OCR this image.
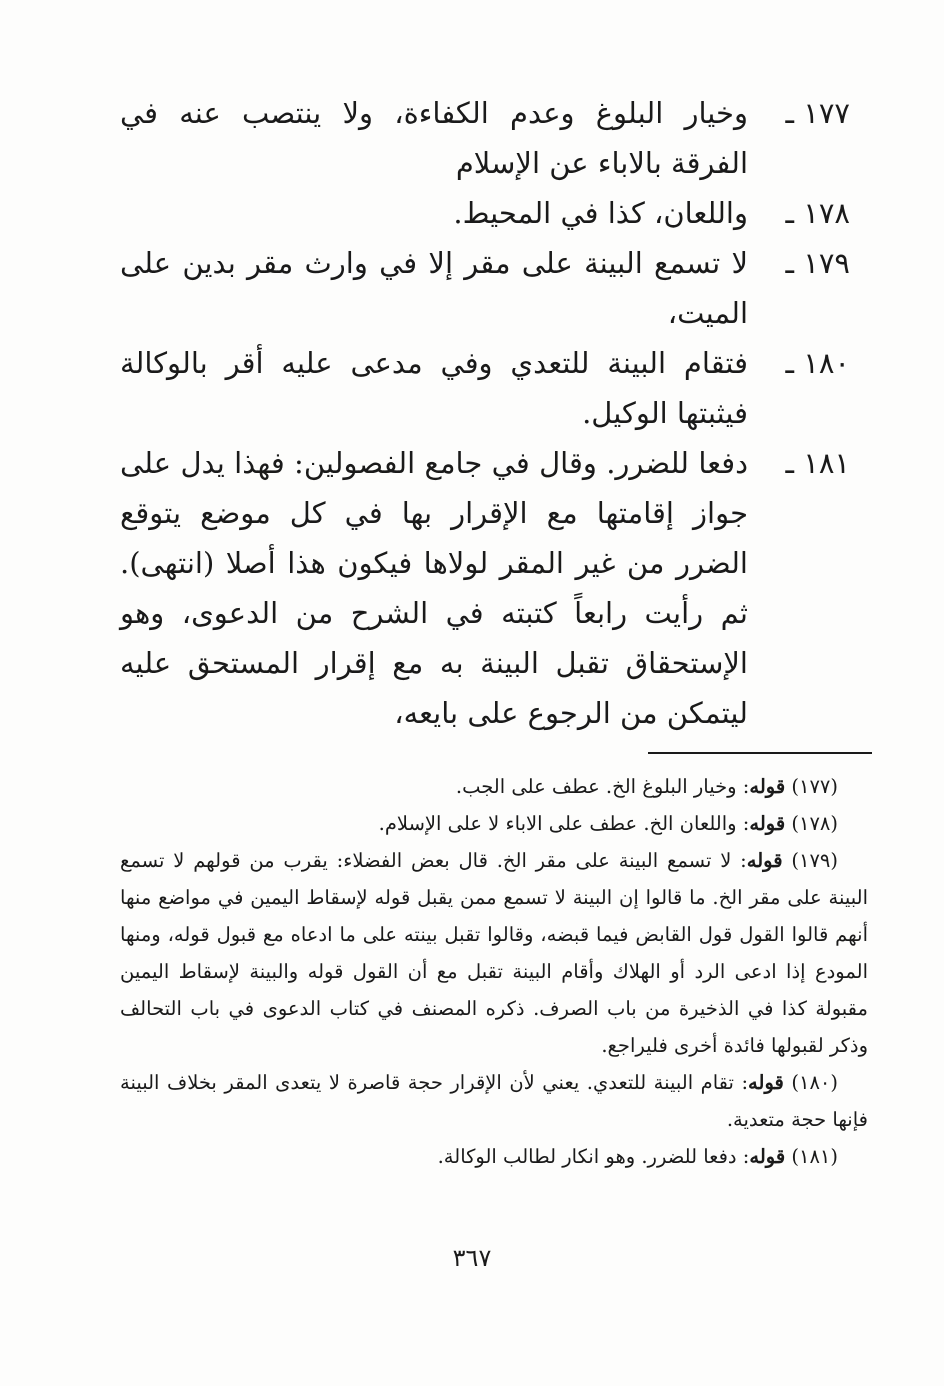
١٧٧ ـ
وخيار البلوغ وعدم الكفاءة، ولا ينتصب عنه في الفرقة بالاباء عن الإسلام

١٧٨ ـ
واللعان، كذا في المحيط.

١٧٩ ـ
لا تسمع البينة على مقر إلا في وارث مقر بدين على الميت،

١٨٠ ـ
فتقام البينة للتعدي وفي مدعى عليه أقر بالوكالة فيثبتها الوكيل.

١٨١ ـ
دفعا للضرر. وقال في جامع الفصولين: فهذا يدل على جواز إقامتها مع الإقرار بها في كل موضع يتوقع الضرر من غير المقر لولاها فيكون هذا أصلا (انتهى). ثم رأيت رابعاً كتبته في الشرح من الدعوى، وهو الإستحقاق تقبل البينة به مع إقرار المستحق عليه ليتمكن من الرجوع على بايعه،

(١٧٧) قوله: وخيار البلوغ الخ. عطف على الجب.

(١٧٨) قوله: واللعان الخ. عطف على الاباء لا على الإسلام.

(١٧٩) قوله: لا تسمع البينة على مقر الخ. قال بعض الفضلاء: يقرب من قولهم لا تسمع البينة على مقر الخ. ما قالوا إن البينة لا تسمع ممن يقبل قوله لإسقاط اليمين في مواضع منها أنهم قالوا القول قول القابض فيما قبضه، وقالوا تقبل بينته على ما ادعاه مع قبول قوله، ومنها المودع إذا ادعى الرد أو الهلاك وأقام البينة تقبل مع أن القول قوله والبينة لإسقاط اليمين مقبولة كذا في الذخيرة من باب الصرف. ذكره المصنف في كتاب الدعوى في باب التحالف وذكر لقبولها فائدة أخرى فليراجع.

(١٨٠) قوله: تقام البينة للتعدي. يعني لأن الإقرار حجة قاصرة لا يتعدى المقر بخلاف البينة فإنها حجة متعدية.

(١٨١) قوله: دفعا للضرر. وهو انكار لطالب الوكالة.

٣٦٧
